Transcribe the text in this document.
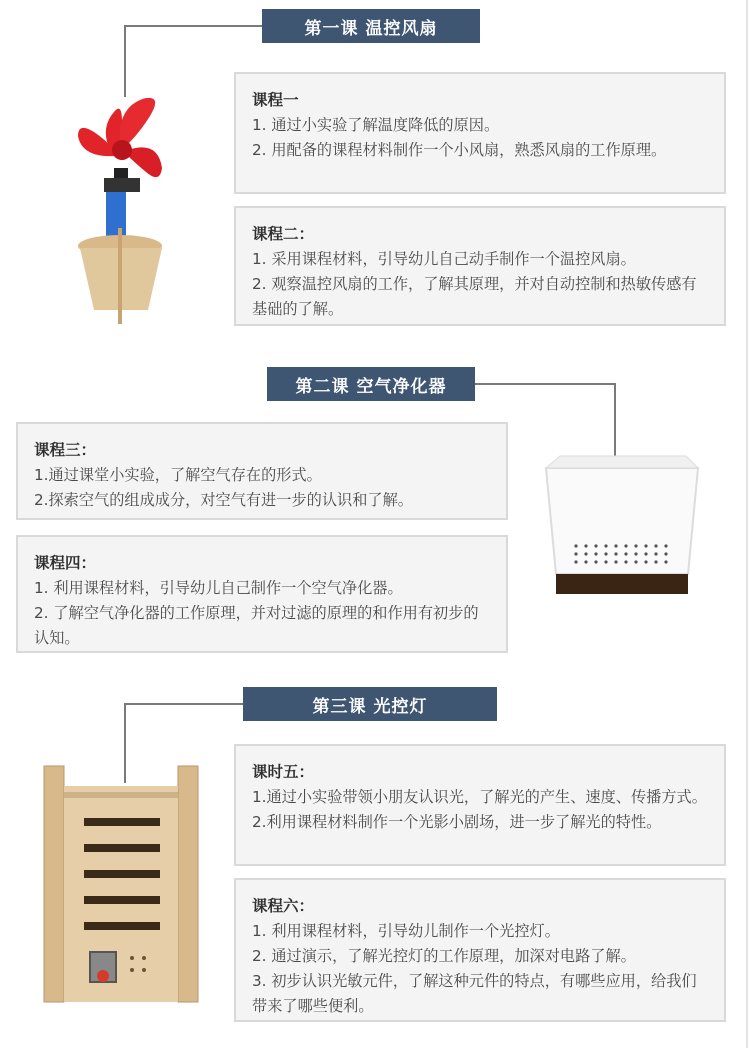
第一课 温控风扇

课程一

1. 通过小实验了解温度降低的原因。

2. 用配备的课程材料制作一个小风扇，熟悉风扇的工作原理。

课程二：

1. 采用课程材料，引导幼儿自己动手制作一个温控风扇。

2. 观察温控风扇的工作，了解其原理，并对自动控制和热敏传感有基础的了解。

第二课 空气净化器

课程三：

1.通过课堂小实验，了解空气存在的形式。

2.探索空气的组成成分，对空气有进一步的认识和了解。

课程四：

1. 利用课程材料，引导幼儿自己制作一个空气净化器。

2. 了解空气净化器的工作原理，并对过滤的原理的和作用有初步的认知。

第三课 光控灯

课时五：

1.通过小实验带领小朋友认识光，了解光的产生、速度、传播方式。

2.利用课程材料制作一个光影小剧场，进一步了解光的特性。

课程六：

1. 利用课程材料，引导幼儿制作一个光控灯。

2. 通过演示，了解光控灯的工作原理，加深对电路了解。

3. 初步认识光敏元件，了解这种元件的特点，有哪些应用，给我们带来了哪些便利。
